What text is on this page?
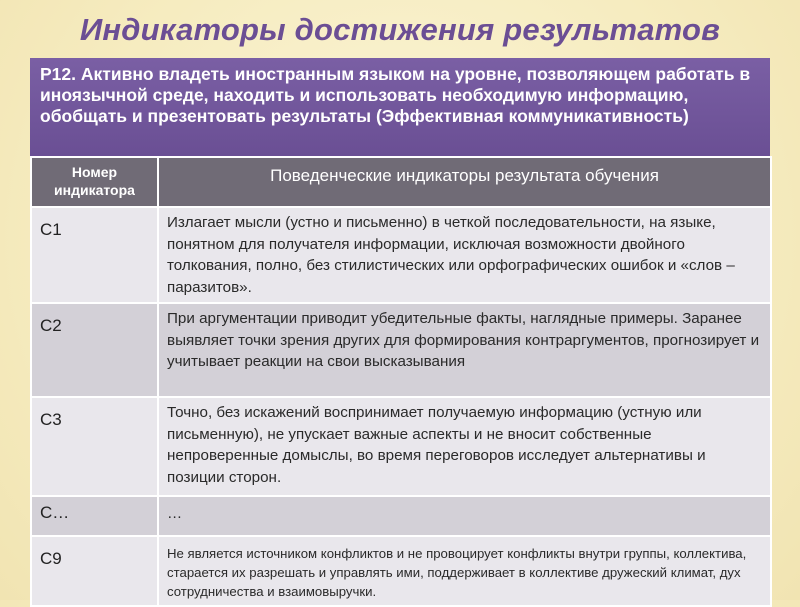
Индикаторы достижения результатов
Р12. Активно владеть иностранным языком на уровне, позволяющем работать в иноязычной среде, находить и использовать необходимую информацию, обобщать и презентовать результаты (Эффективная коммуникативность)
Номер индикатора	Поведенческие индикаторы результата обучения
С1	Излагает мысли (устно и письменно) в четкой последовательности, на языке, понятном для получателя информации, исключая возможности двойного толкования, полно, без стилистических или орфографических ошибок и «слов – паразитов».
С2	При аргументации приводит убедительные факты, наглядные примеры. Заранее выявляет точки зрения других для формирования контраргументов, прогнозирует и учитывает реакции на свои высказывания
С3	Точно, без искажений воспринимает получаемую информацию (устную или письменную), не упускает важные аспекты и не вносит собственные непроверенные домыслы, во время переговоров исследует альтернативы и позиции сторон.
С…	…
С9	Не является источником конфликтов и не провоцирует конфликты внутри группы, коллектива, старается их разрешать и управлять ими, поддерживает в коллективе дружеский климат, дух сотрудничества и взаимовыручки.
